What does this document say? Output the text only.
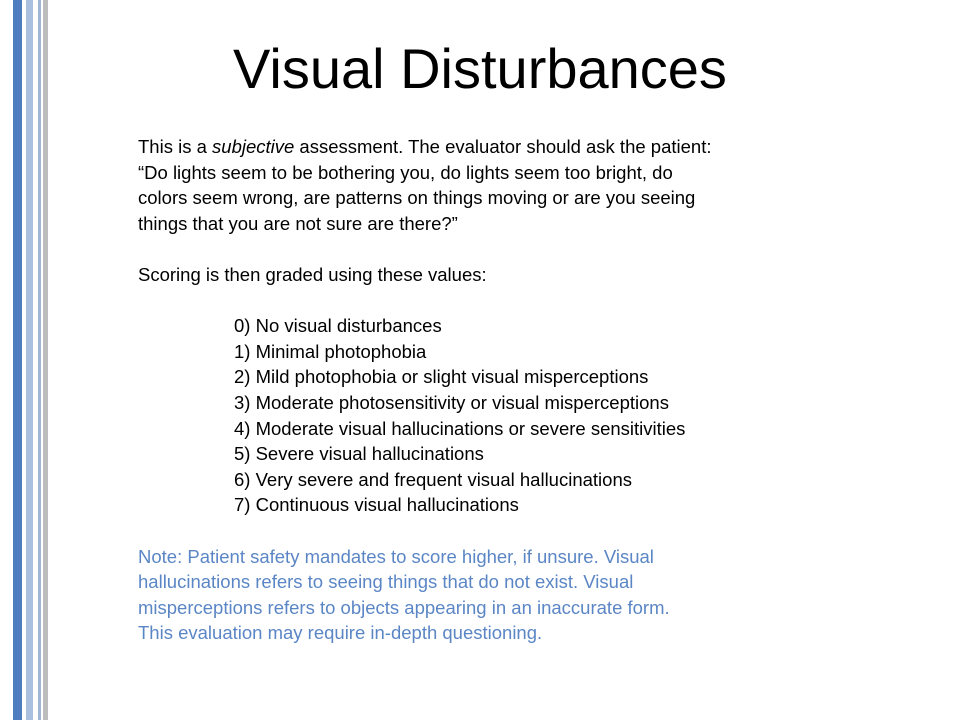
Visual Disturbances

This is a subjective assessment. The evaluator should ask the patient:

“Do lights seem to be bothering you, do lights seem too bright, do

colors seem wrong, are patterns on things moving or are you seeing

things that you are not sure are there?”

Scoring is then graded using these values:

0) No visual disturbances
1) Minimal photophobia
2) Mild photophobia or slight visual misperceptions
3) Moderate photosensitivity or visual misperceptions
4) Moderate visual hallucinations or severe sensitivities
5) Severe visual hallucinations
6) Very severe and frequent visual hallucinations
7) Continuous visual hallucinations

Note: Patient safety mandates to score higher, if unsure. Visual

hallucinations refers to seeing things that do not exist. Visual

misperceptions refers to objects appearing in an inaccurate form.

This evaluation may require in-depth questioning.
